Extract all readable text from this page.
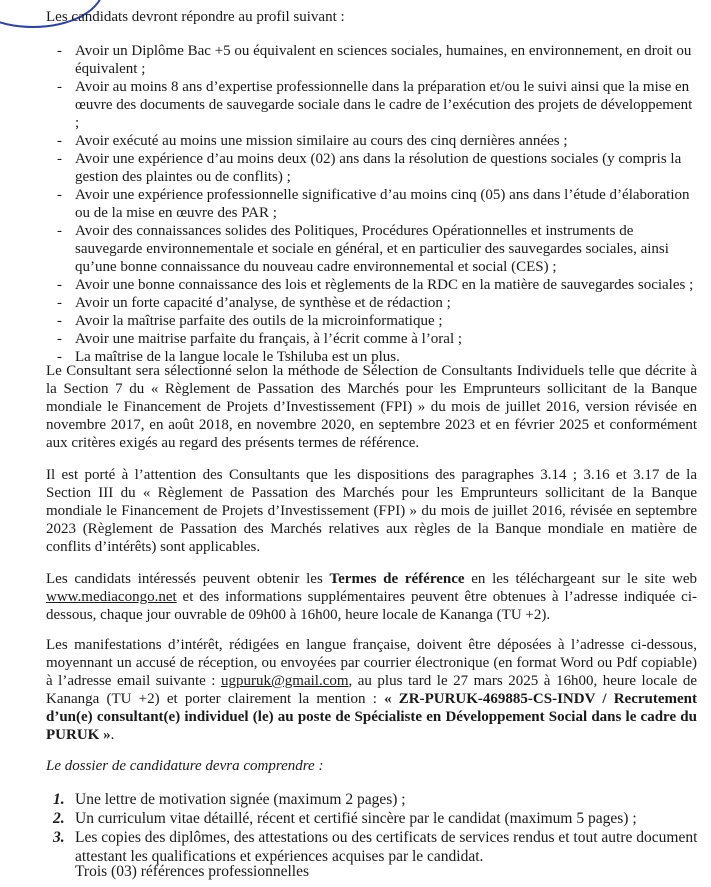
Les candidats devront répondre au profil suivant :
- Avoir un Diplôme Bac +5 ou équivalent en sciences sociales, humaines, en environnement, en droit ou équivalent ;
- Avoir au moins 8 ans d’expertise professionnelle dans la préparation et/ou le suivi ainsi que la mise en œuvre des documents de sauvegarde sociale dans le cadre de l’exécution des projets de développement ;
- Avoir exécuté au moins une mission similaire au cours des cinq dernières années ;
- Avoir une expérience d’au moins deux (02) ans dans la résolution de questions sociales (y compris la gestion des plaintes ou de conflits) ;
- Avoir une expérience professionnelle significative d’au moins cinq (05) ans dans l’étude d’élaboration ou de la mise en œuvre des PAR ;
- Avoir des connaissances solides des Politiques, Procédures Opérationnelles et instruments de sauvegarde environnementale et sociale en général, et en particulier des sauvegardes sociales, ainsi qu’une bonne connaissance du nouveau cadre environnemental et social (CES) ;
- Avoir une bonne connaissance des lois et règlements de la RDC en la matière de sauvegardes sociales ;
- Avoir un forte capacité d’analyse, de synthèse et de rédaction ;
- Avoir la maîtrise parfaite des outils de la microinformatique ;
- Avoir une maitrise parfaite du français, à l’écrit comme à l’oral ;
- La maîtrise de la langue locale le Tshiluba est un plus.

Le Consultant sera sélectionné selon la méthode de Sélection de Consultants Individuels telle que décrite à la Section 7 du « Règlement de Passation des Marchés pour les Emprunteurs sollicitant de la Banque mondiale le Financement de Projets d’Investissement (FPI) » du mois de juillet 2016, version révisée en novembre 2017, en août 2018, en novembre 2020, en septembre 2023 et en février 2025 et conformément aux critères exigés au regard des présents termes de référence.

Il est porté à l’attention des Consultants que les dispositions des paragraphes 3.14 ; 3.16 et 3.17 de la Section III du « Règlement de Passation des Marchés pour les Emprunteurs sollicitant de la Banque mondiale le Financement de Projets d’Investissement (FPI) » du mois de juillet 2016, révisée en septembre 2023 (Règlement de Passation des Marchés relatives aux règles de la Banque mondiale en matière de conflits d’intérêts) sont applicables.

Les candidats intéressés peuvent obtenir les Termes de référence en les téléchargeant sur le site web www.mediacongo.net et des informations supplémentaires peuvent être obtenues à l’adresse indiquée ci-dessous, chaque jour ouvrable de 09h00 à 16h00, heure locale de Kananga (TU +2).

Les manifestations d’intérêt, rédigées en langue française, doivent être déposées à l’adresse ci-dessous, moyennant un accusé de réception, ou envoyées par courrier électronique (en format Word ou Pdf copiable) à l’adresse email suivante : ugpuruk@gmail.com, au plus tard le 27 mars 2025 à 16h00, heure locale de Kananga (TU +2) et porter clairement la mention : « ZR-PURUK-469885-CS-INDV / Recrutement d’un(e) consultant(e) individuel (le) au poste de Spécialiste en Développement Social dans le cadre du PURUK ».

Le dossier de candidature devra comprendre :
1. Une lettre de motivation signée (maximum 2 pages) ;
2. Un curriculum vitae détaillé, récent et certifié sincère par le candidat (maximum 5 pages) ;
3. Les copies des diplômes, des attestations ou des certificats de services rendus et tout autre document attestant les qualifications et expériences acquises par le candidat.
Trois (03) références professionnelles
